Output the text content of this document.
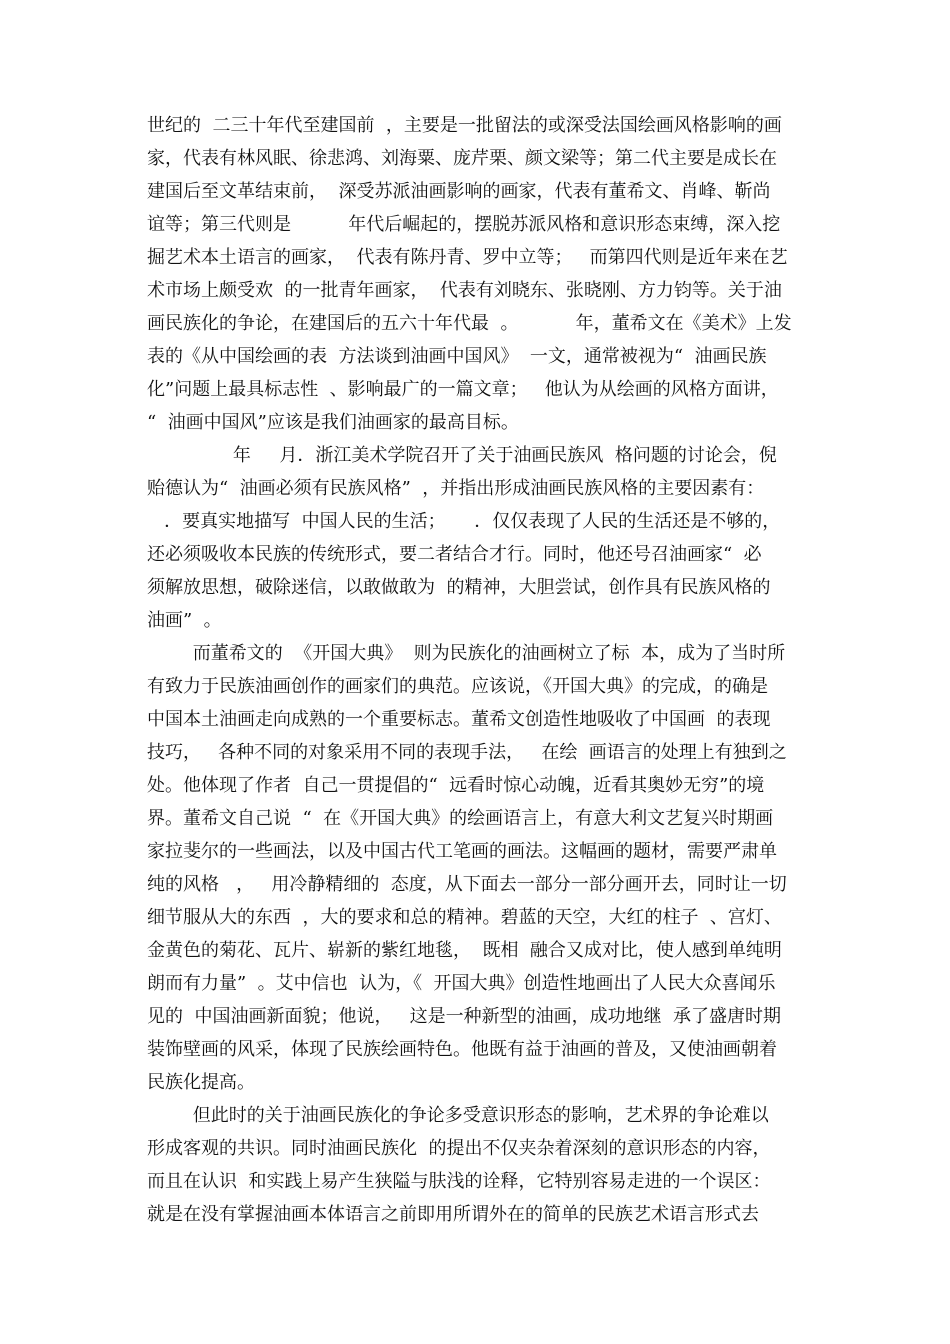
世纪的  二三十年代至建国前  ，主要是一批留法的或深受法国绘画风格影响的画
家，代表有林风眠、徐悲鸿、刘海粟、庞芹栗、颜文梁等；第二代主要是成长在
建国后至文革结束前，  深受苏派油画影响的画家，代表有董希文、肖峰、靳尚
谊等；第三代则是          年代后崛起的，摆脱苏派风格和意识形态束缚，深入挖
掘艺术本土语言的画家，  代表有陈丹青、罗中立等；   而第四代则是近年来在艺
术市场上颇受欢  的一批青年画家，  代表有刘晓东、张晓刚、方力钧等。关于油
画民族化的争论，在建国后的五六十年代最  。          年，董希文在《美术》上发
表的《从中国绘画的表  方法谈到油画中国风》  一文，通常被视为“  油画民族
化”问题上最具标志性  、影响最广的一篇文章；   他认为从绘画的风格方面讲，
“  油画中国风”应该是我们油画家的最高目标。
年     月．浙江美术学院召开了关于油画民族风  格问题的讨论会，倪
贻德认为“  油画必须有民族风格”  ，并指出形成油画民族风格的主要因素有：
．要真实地描写  中国人民的生活；     ．仅仅表现了人民的生活还是不够的，
还必须吸收本民族的传统形式，要二者结合才行。同时，他还号召油画家“  必
须解放思想，破除迷信，以敢做敢为  的精神，大胆尝试，创作具有民族风格的
油画”  。
而董希文的  《开国大典》  则为民族化的油画树立了标  本，成为了当时所
有致力于民族油画创作的画家们的典范。应该说，《开国大典》的完成，的确是
中国本土油画走向成熟的一个重要标志。董希文创造性地吸收了中国画  的表现
技巧，   各种不同的对象采用不同的表现手法，   在绘  画语言的处理上有独到之
处。他体现了作者  自己一贯提倡的“  远看时惊心动魄，近看其奥妙无穷”的境
界。董希文自己说  “  在《开国大典》的绘画语言上，有意大利文艺复兴时期画
家拉斐尔的一些画法，以及中国古代工笔画的画法。这幅画的题材，需要严肃单
纯的风格   ，   用冷静精细的  态度，从下面去一部分一部分画开去，同时让一切
细节服从大的东西  ，大的要求和总的精神。碧蓝的天空，大红的柱子  、宫灯、
金黄色的菊花、瓦片、崭新的紫红地毯，  既相  融合又成对比，使人感到单纯明
朗而有力量”  。艾中信也  认为，《  开国大典》创造性地画出了人民大众喜闻乐
见的  中国油画新面貌；他说，   这是一种新型的油画，成功地继  承了盛唐时期
装饰壁画的风采，体现了民族绘画特色。他既有益于油画的普及，又使油画朝着
民族化提高。
但此时的关于油画民族化的争论多受意识形态的影响，艺术界的争论难以
形成客观的共识。同时油画民族化  的提出不仅夹杂着深刻的意识形态的内容，
而且在认识  和实践上易产生狭隘与肤浅的诠释，它特别容易走进的一个误区：
就是在没有掌握油画本体语言之前即用所谓外在的简单的民族艺术语言形式去
